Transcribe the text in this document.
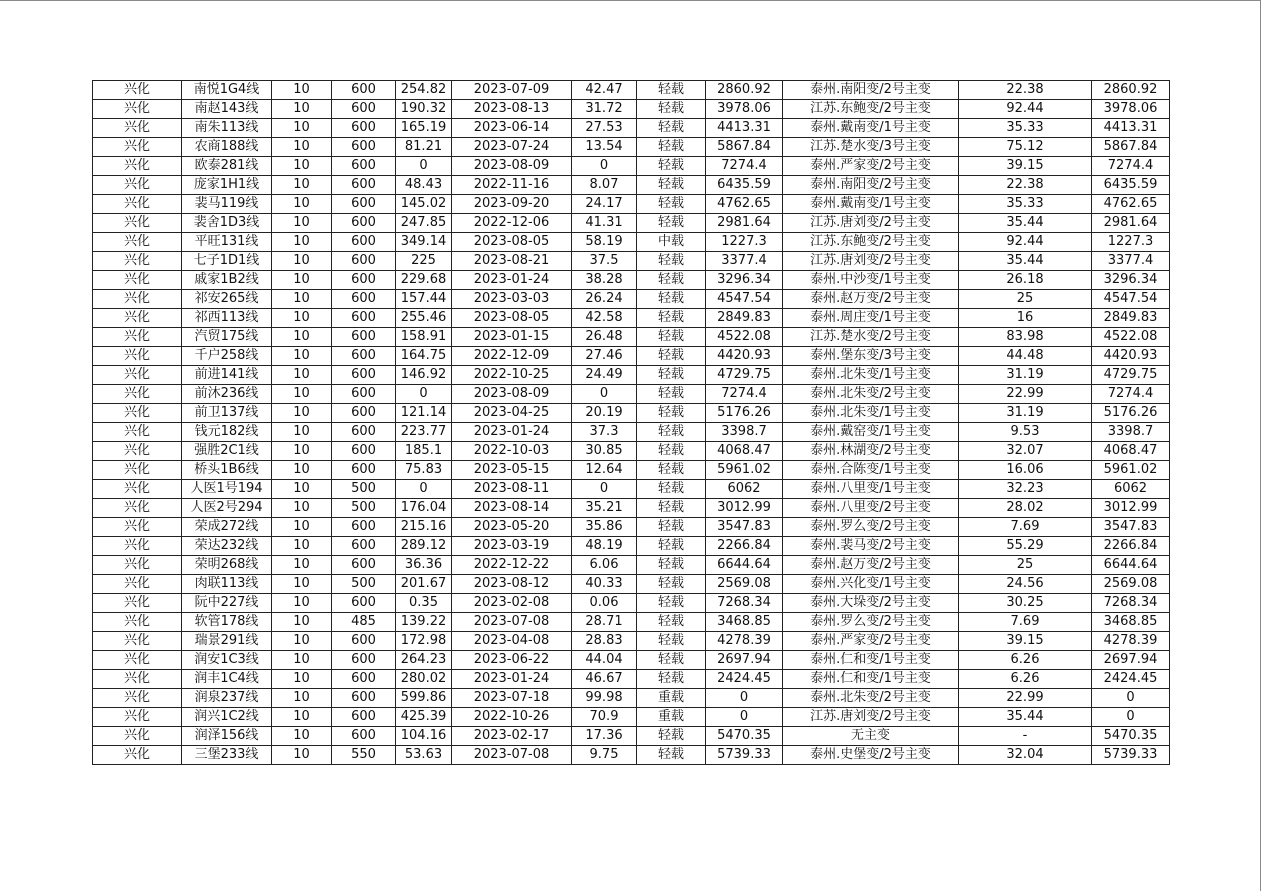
兴化	南悦1G4线	10	600	254.82	2023-07-09	42.47	轻载	2860.92	泰州.南阳变/2号主变	22.38	2860.92
兴化	南赵143线	10	600	190.32	2023-08-13	31.72	轻载	3978.06	江苏.东鲍变/2号主变	92.44	3978.06
兴化	南朱113线	10	600	165.19	2023-06-14	27.53	轻载	4413.31	泰州.戴南变/1号主变	35.33	4413.31
兴化	农商188线	10	600	81.21	2023-07-24	13.54	轻载	5867.84	江苏.楚水变/3号主变	75.12	5867.84
兴化	欧泰281线	10	600	0	2023-08-09	0	轻载	7274.4	泰州.严家变/2号主变	39.15	7274.4
兴化	庞家1H1线	10	600	48.43	2022-11-16	8.07	轻载	6435.59	泰州.南阳变/2号主变	22.38	6435.59
兴化	裴马119线	10	600	145.02	2023-09-20	24.17	轻载	4762.65	泰州.戴南变/1号主变	35.33	4762.65
兴化	裴舍1D3线	10	600	247.85	2022-12-06	41.31	轻载	2981.64	江苏.唐刘变/2号主变	35.44	2981.64
兴化	平旺131线	10	600	349.14	2023-08-05	58.19	中载	1227.3	江苏.东鲍变/2号主变	92.44	1227.3
兴化	七子1D1线	10	600	225	2023-08-21	37.5	轻载	3377.4	江苏.唐刘变/2号主变	35.44	3377.4
兴化	戚家1B2线	10	600	229.68	2023-01-24	38.28	轻载	3296.34	泰州.中沙变/1号主变	26.18	3296.34
兴化	祁安265线	10	600	157.44	2023-03-03	26.24	轻载	4547.54	泰州.赵万变/2号主变	25	4547.54
兴化	祁西113线	10	600	255.46	2023-08-05	42.58	轻载	2849.83	泰州.周庄变/1号主变	16	2849.83
兴化	汽贸175线	10	600	158.91	2023-01-15	26.48	轻载	4522.08	江苏.楚水变/2号主变	83.98	4522.08
兴化	千户258线	10	600	164.75	2022-12-09	27.46	轻载	4420.93	泰州.堡东变/3号主变	44.48	4420.93
兴化	前进141线	10	600	146.92	2022-10-25	24.49	轻载	4729.75	泰州.北朱变/1号主变	31.19	4729.75
兴化	前沐236线	10	600	0	2023-08-09	0	轻载	7274.4	泰州.北朱变/2号主变	22.99	7274.4
兴化	前卫137线	10	600	121.14	2023-04-25	20.19	轻载	5176.26	泰州.北朱变/1号主变	31.19	5176.26
兴化	钱元182线	10	600	223.77	2023-01-24	37.3	轻载	3398.7	泰州.戴窑变/1号主变	9.53	3398.7
兴化	强胜2C1线	10	600	185.1	2022-10-03	30.85	轻载	4068.47	泰州.林湖变/2号主变	32.07	4068.47
兴化	桥头1B6线	10	600	75.83	2023-05-15	12.64	轻载	5961.02	泰州.合陈变/1号主变	16.06	5961.02
兴化	人医1号194	10	500	0	2023-08-11	0	轻载	6062	泰州.八里变/1号主变	32.23	6062
兴化	人医2号294	10	500	176.04	2023-08-14	35.21	轻载	3012.99	泰州.八里变/2号主变	28.02	3012.99
兴化	荣成272线	10	600	215.16	2023-05-20	35.86	轻载	3547.83	泰州.罗么变/2号主变	7.69	3547.83
兴化	荣达232线	10	600	289.12	2023-03-19	48.19	轻载	2266.84	泰州.裴马变/2号主变	55.29	2266.84
兴化	荣明268线	10	600	36.36	2022-12-22	6.06	轻载	6644.64	泰州.赵万变/2号主变	25	6644.64
兴化	肉联113线	10	500	201.67	2023-08-12	40.33	轻载	2569.08	泰州.兴化变/1号主变	24.56	2569.08
兴化	阮中227线	10	600	0.35	2023-02-08	0.06	轻载	7268.34	泰州.大垛变/2号主变	30.25	7268.34
兴化	软管178线	10	485	139.22	2023-07-08	28.71	轻载	3468.85	泰州.罗么变/2号主变	7.69	3468.85
兴化	瑞景291线	10	600	172.98	2023-04-08	28.83	轻载	4278.39	泰州.严家变/2号主变	39.15	4278.39
兴化	润安1C3线	10	600	264.23	2023-06-22	44.04	轻载	2697.94	泰州.仁和变/1号主变	6.26	2697.94
兴化	润丰1C4线	10	600	280.02	2023-01-24	46.67	轻载	2424.45	泰州.仁和变/1号主变	6.26	2424.45
兴化	润泉237线	10	600	599.86	2023-07-18	99.98	重载	0	泰州.北朱变/2号主变	22.99	0
兴化	润兴1C2线	10	600	425.39	2022-10-26	70.9	重载	0	江苏.唐刘变/2号主变	35.44	0
兴化	润泽156线	10	600	104.16	2023-02-17	17.36	轻载	5470.35	无主变	-	5470.35
兴化	三堡233线	10	550	53.63	2023-07-08	9.75	轻载	5739.33	泰州.史堡变/2号主变	32.04	5739.33
